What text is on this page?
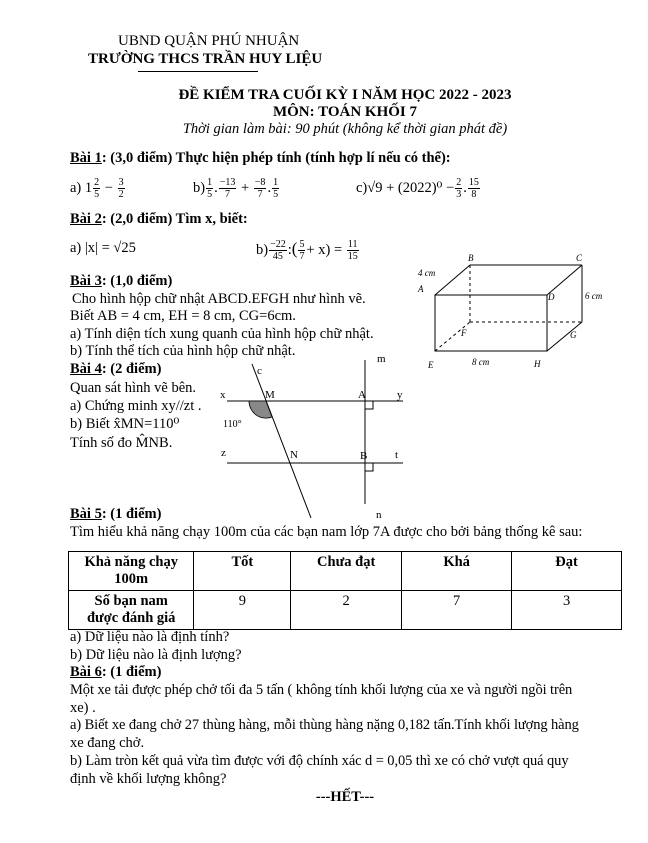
UBND QUẬN PHÚ NHUẬN
TRƯỜNG THCS TRẦN HUY LIỆU
ĐỀ KIỂM TRA CUỐI KỲ I NĂM HỌC 2022 - 2023
MÔN: TOÁN KHỐI 7
Thời gian làm bài: 90 phút (không kể thời gian phát đề)
Bài 1: (3,0 điểm) Thực hiện phép tính (tính hợp lí nếu có thể):
a) $1 \frac{2}{5} - \frac{3}{2}$	$b) \frac{1}{5}$ . $\frac{-13}{7} + \frac{-8}{7}$ . $\frac{1}{5}$	$c)√9 + (2022)^0 - \frac{2}{3}$ . $\frac{15}{8}$
Bài 2: (2,0 điểm) Tìm x, biết:
a) |x| = √25	$b) \frac{-22}{45}$ :( $\frac{5}{7} + x) = \frac{11}{15}$
Bài 3: (1,0 điểm)
Cho hình hộp chữ nhật ABCD.EFGH như hình vẽ.
Biết AB = 4 cm, EH = 8 cm, CG=6cm.
a) Tính diện tích xung quanh của hình hộp chữ nhật.
b) Tính thể tích của hình hộp chữ nhật.
B	C
A
D
F	G
E	H
4 cm
6 cm
8 cm
Bài 4: (2 điểm)
Quan sát hình vẽ bên.
a) Chứng minh xy//zt .
b) Biết x̂MN=110⁰
Tính số đo M̂NB.
c
m
x	M	A	y
110°
z	N	B	t
n
Bài 5: (1 điểm)
Tìm hiểu khả năng chạy 100m của các bạn nam lớp 7A được cho bởi bảng thống kê sau:
Khả năng chạy
100m	Tốt	Chưa đạt	Khá	Đạt
Số bạn nam
được đánh giá	9	2	7	3
a) Dữ liệu nào là định tính?
b) Dữ liệu nào là định lượng?
Bài 6: (1 điểm)
Một xe tải được phép chở tối đa 5 tấn ( không tính khối lượng của xe và người ngồi trên
xe) .
a) Biết xe đang chở 27 thùng hàng, mỗi thùng hàng nặng 0,182 tấn.Tính khối lượng hàng
xe đang chở.
b) Làm tròn kết quả vừa tìm được với độ chính xác d = 0,05 thì xe có chở vượt quá quy
định về khối lượng không?
---HẾT---
